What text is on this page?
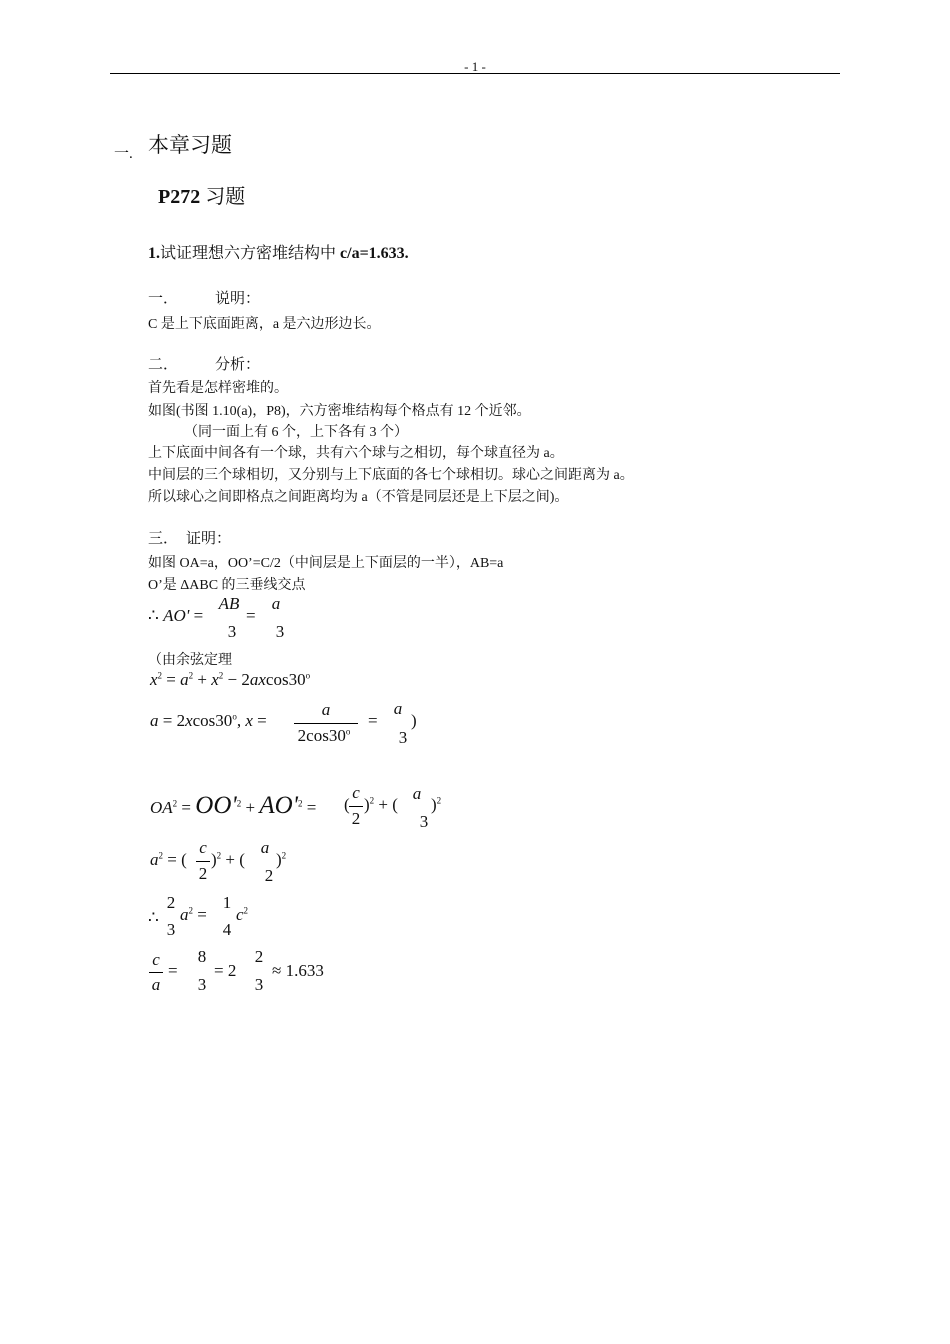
- 1 -
一. 本章习题
P272 习题
1.试证理想六方密堆结构中 c/a=1.633.
一． 说明：
C 是上下底面距离，a 是六边形边长。
二． 分析：
首先看是怎样密堆的。
如图(书图 1.10(a)，P8)，六方密堆结构每个格点有 12 个近邻。
（同一面上有 6 个，上下各有 3 个）
上下底面中间各有一个球，共有六个球与之相切，每个球直径为 a。
中间层的三个球相切，又分别与上下底面的各七个球相切。球心之间距离为 a。
所以球心之间即格点之间距离均为 a（不管是同层还是上下层之间)。
三． 证明：
如图 OA=a，OO’=C/2（中间层是上下面层的一半），AB=a
O’是 ΔABC 的三垂线交点
∴ AO' =
AB
3
=
a
3
（由余弦定理
$x^2 = a^2 + x^2 - 2axcos30^o$
$a = 2xcos30^o$, x =
a
$2\cos 30^o$
=
a
3
)
$OA^2 = OO'^2 + AO'^2$ = (
c
2
)$^2$ + (
a
3
)$^2$
$a^2$ = (
c
2
)$^2$ + (
a
2
)$^2$
∴
2
3
$a^2$ =
1
4
$c^2$
c
a
=
8
3
= 2
2
3
≈ 1.633
